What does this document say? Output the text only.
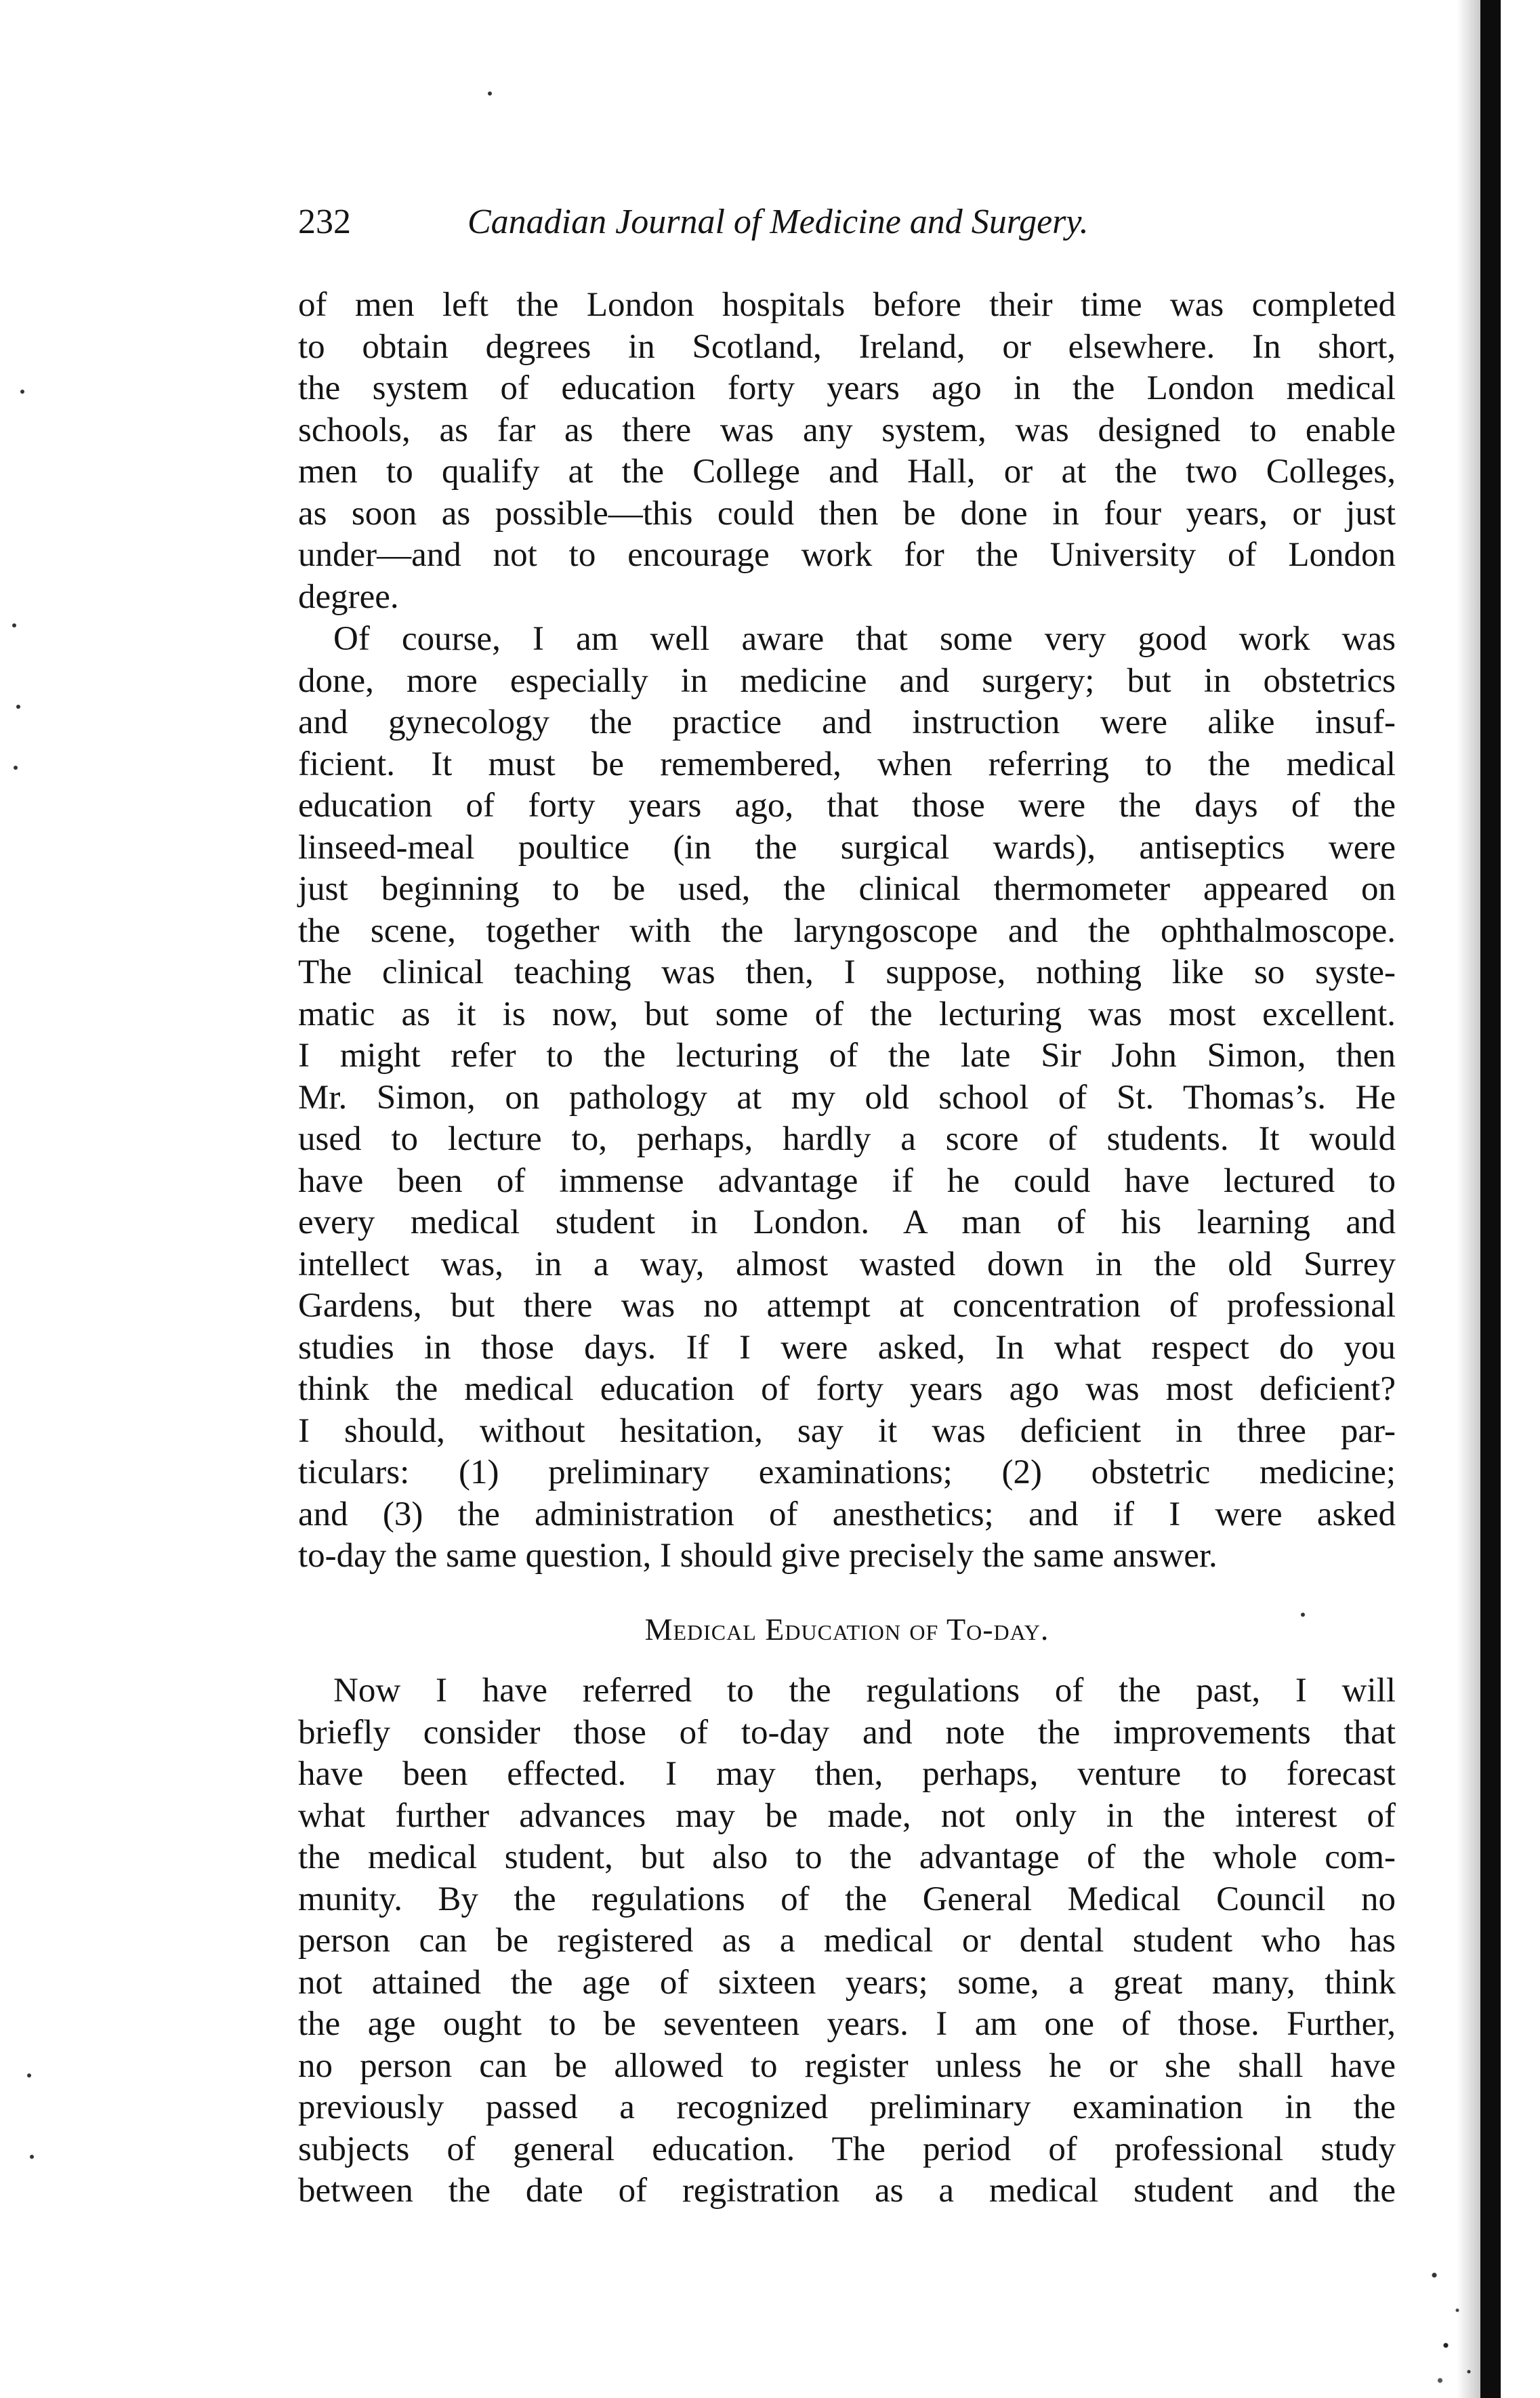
232	Canadian Journal of Medicine and Surgery.
of men left the London hospitals before their time was completed
to obtain degrees in Scotland, Ireland, or elsewhere. In short,
the system of education forty years ago in the London medical
schools, as far as there was any system, was designed to enable
men to qualify at the College and Hall, or at the two Colleges,
as soon as possible—this could then be done in four years, or just
under—and not to encourage work for the University of London
degree.
Of course, I am well aware that some very good work was
done, more especially in medicine and surgery; but in obstetrics
and gynecology the practice and instruction were alike insuf-
ficient. It must be remembered, when referring to the medical
education of forty years ago, that those were the days of the
linseed-meal poultice (in the surgical wards), antiseptics were
just beginning to be used, the clinical thermometer appeared on
the scene, together with the laryngoscope and the ophthalmoscope.
The clinical teaching was then, I suppose, nothing like so syste-
matic as it is now, but some of the lecturing was most excellent.
I might refer to the lecturing of the late Sir John Simon, then
Mr. Simon, on pathology at my old school of St. Thomas’s. He
used to lecture to, perhaps, hardly a score of students. It would
have been of immense advantage if he could have lectured to
every medical student in London. A man of his learning and
intellect was, in a way, almost wasted down in the old Surrey
Gardens, but there was no attempt at concentration of professional
studies in those days. If I were asked, In what respect do you
think the medical education of forty years ago was most deficient?
I should, without hesitation, say it was deficient in three par-
ticulars: (1) preliminary examinations; (2) obstetric medicine;
and (3) the administration of anesthetics; and if I were asked
to-day the same question, I should give precisely the same answer.
Medical Education of To-day.
Now I have referred to the regulations of the past, I will
briefly consider those of to-day and note the improvements that
have been effected. I may then, perhaps, venture to forecast
what further advances may be made, not only in the interest of
the medical student, but also to the advantage of the whole com-
munity. By the regulations of the General Medical Council no
person can be registered as a medical or dental student who has
not attained the age of sixteen years; some, a great many, think
the age ought to be seventeen years. I am one of those. Further,
no person can be allowed to register unless he or she shall have
previously passed a recognized preliminary examination in the
subjects of general education. The period of professional study
between the date of registration as a medical student and the
